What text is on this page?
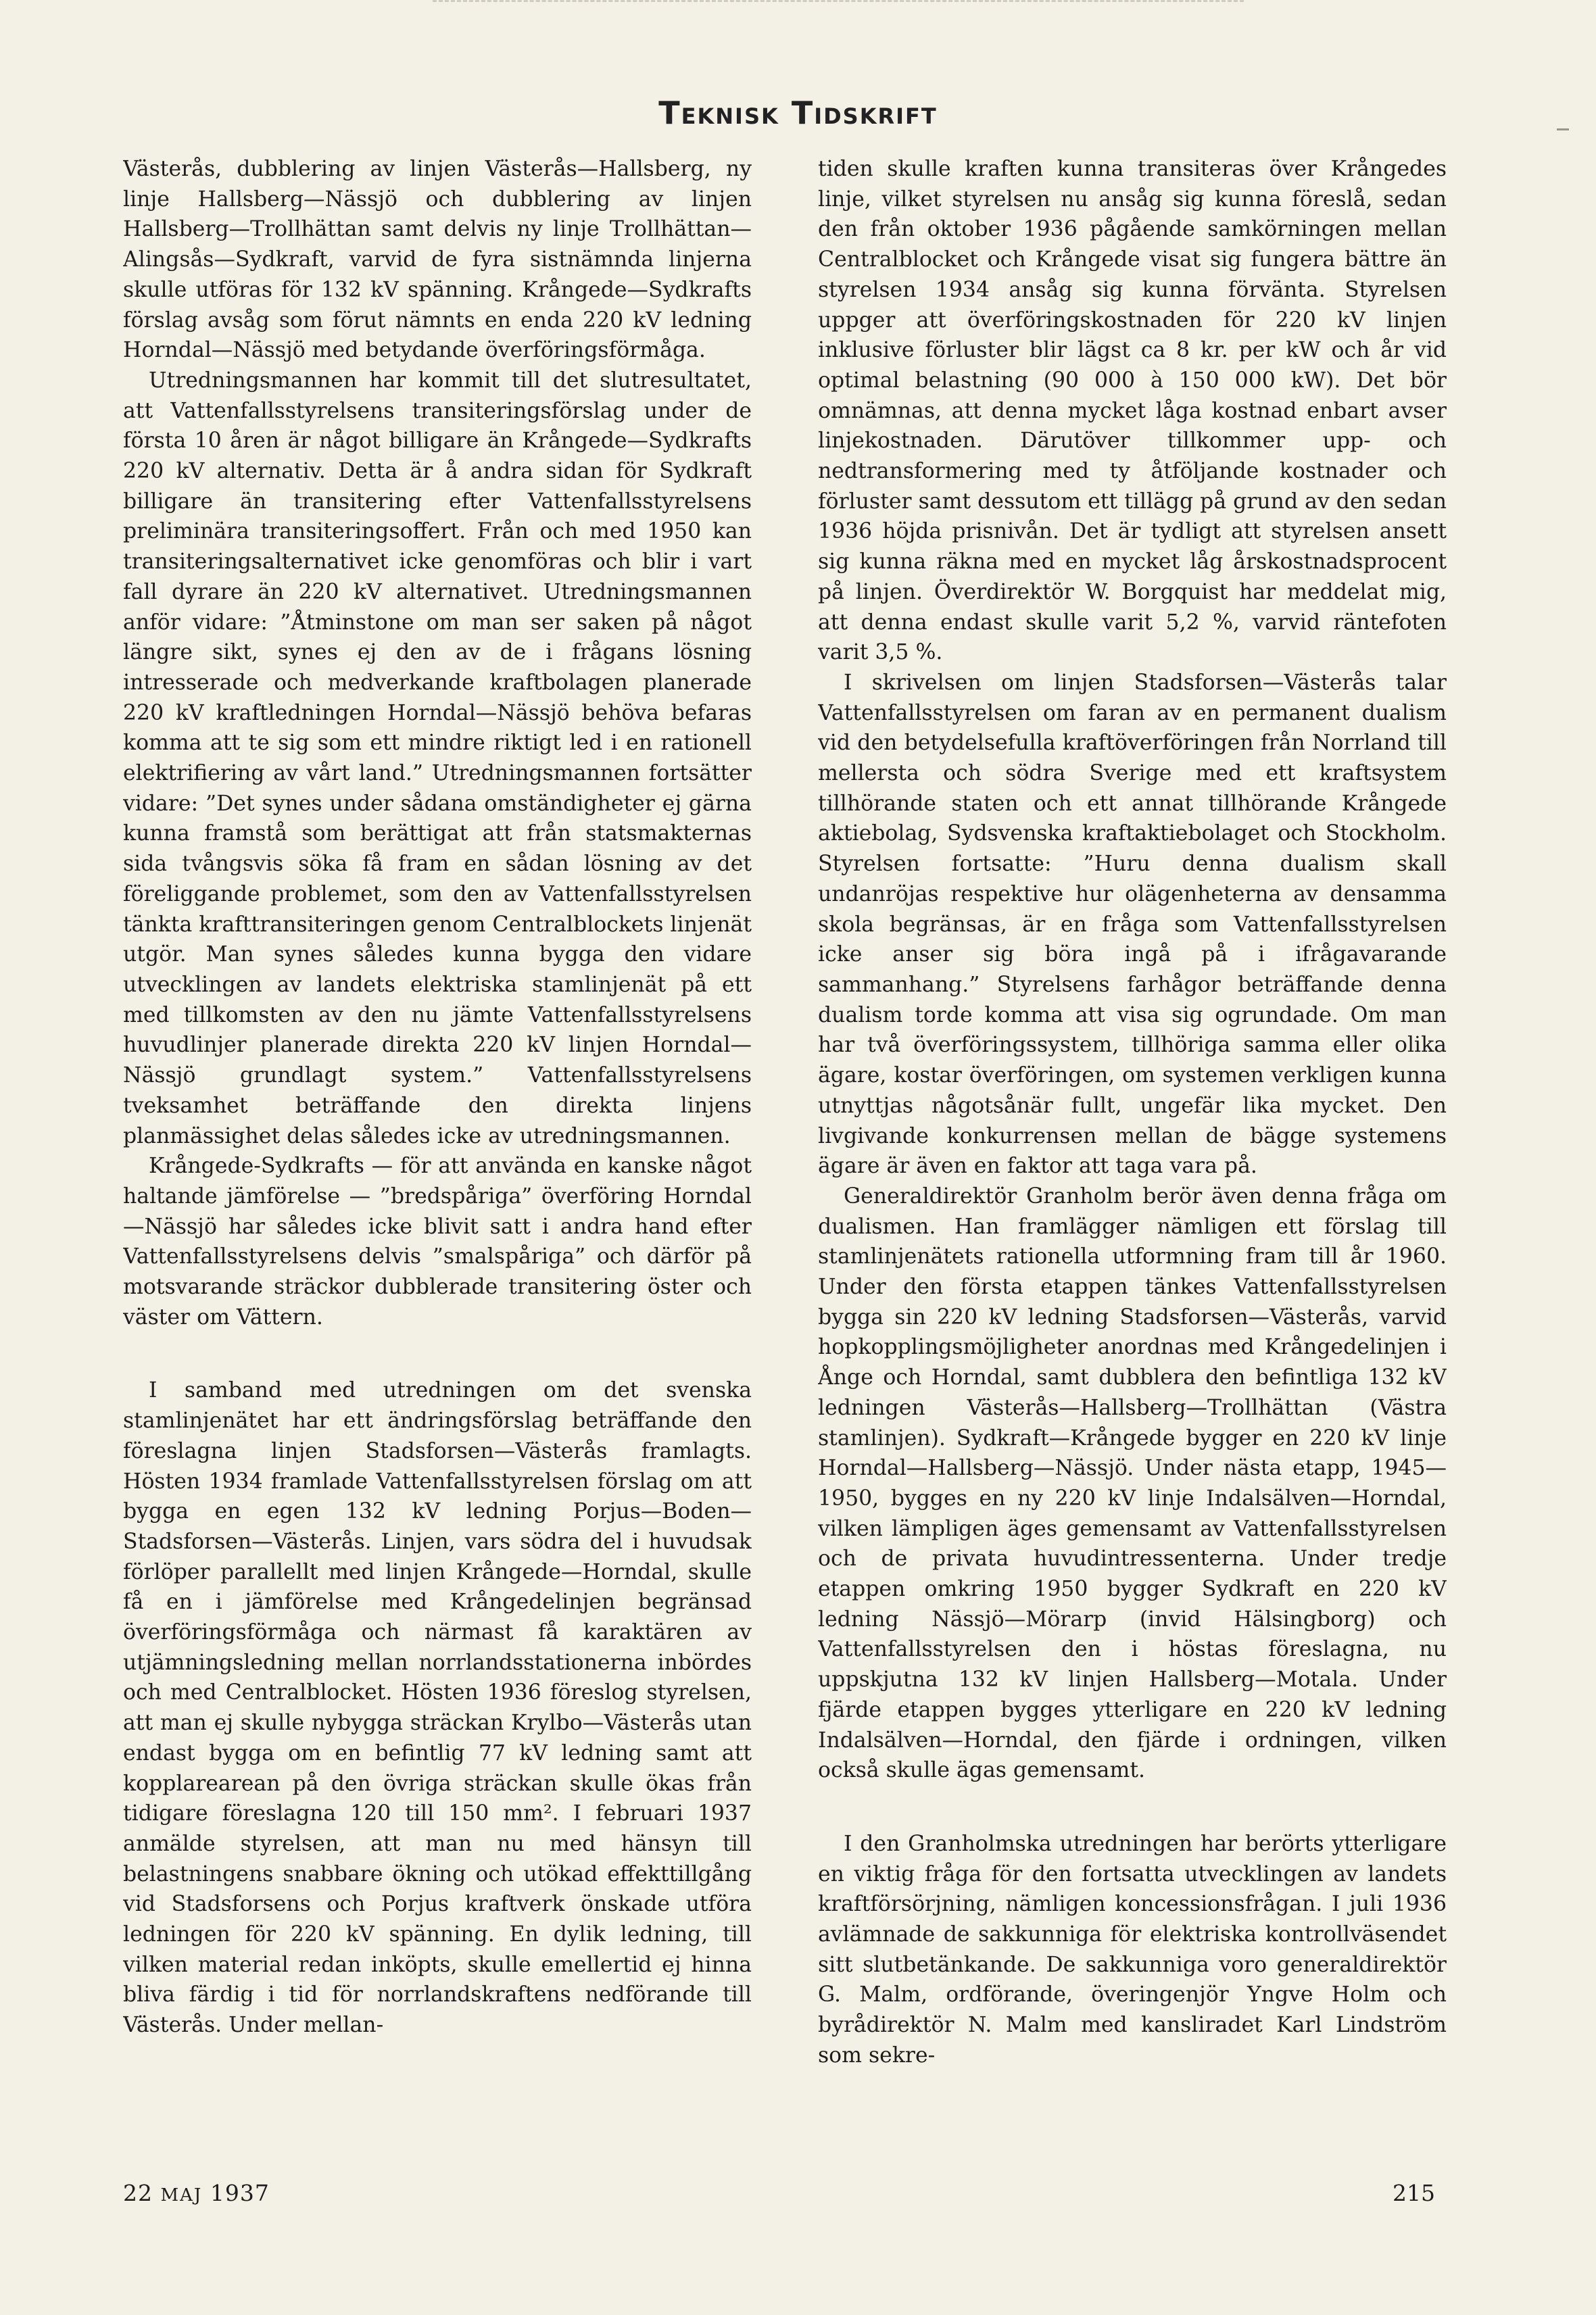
Teknisk Tidskrift

Västerås, dubblering av linjen Västerås—Hallsberg, ny linje Hallsberg—Nässjö och dubblering av linjen Hallsberg—Trollhättan samt delvis ny linje Trollhättan—Alingsås—Sydkraft, varvid de fyra sistnämnda linjerna skulle utföras för 132 kV spänning. Krångede—Sydkrafts förslag avsåg som förut nämnts en enda 220 kV ledning Horndal—Nässjö med betydande överföringsförmåga.

Utredningsmannen har kommit till det slutresultatet, att Vattenfallsstyrelsens transiteringsförslag under de första 10 åren är något billigare än Krångede—Sydkrafts 220 kV alternativ. Detta är å andra sidan för Sydkraft billigare än transitering efter Vattenfallsstyrelsens preliminära transiteringsoffert. Från och med 1950 kan transiteringsalternativet icke genomföras och blir i vart fall dyrare än 220 kV alternativet. Utredningsmannen anför vidare: ”Åtminstone om man ser saken på något längre sikt, synes ej den av de i frågans lösning intresserade och medverkande kraftbolagen planerade 220 kV kraftledningen Horndal—Nässjö behöva befaras komma att te sig som ett mindre riktigt led i en rationell elektrifiering av vårt land.” Utredningsmannen fortsätter vidare: ”Det synes under sådana omständigheter ej gärna kunna framstå som berättigat att från statsmakternas sida tvångsvis söka få fram en sådan lösning av det föreliggande problemet, som den av Vattenfallsstyrelsen tänkta krafttransiteringen genom Centralblockets linjenät utgör. Man synes således kunna bygga den vidare utvecklingen av landets elektriska stamlinjenät på ett med tillkomsten av den nu jämte Vattenfallsstyrelsens huvudlinjer planerade direkta 220 kV linjen Horndal—Nässjö grundlagt system.” Vattenfallsstyrelsens tveksamhet beträffande den direkta linjens planmässighet delas således icke av utredningsmannen.

Krångede-Sydkrafts — för att använda en kanske något haltande jämförelse — ”bredspåriga” överföring Horndal—Nässjö har således icke blivit satt i andra hand efter Vattenfallsstyrelsens delvis ”smalspåriga” och därför på motsvarande sträckor dubblerade transitering öster och väster om Vättern.

I samband med utredningen om det svenska stamlinjenätet har ett ändringsförslag beträffande den föreslagna linjen Stadsforsen—Västerås framlagts. Hösten 1934 framlade Vattenfallsstyrelsen förslag om att bygga en egen 132 kV ledning Porjus—Boden—Stadsforsen—Västerås. Linjen, vars södra del i huvudsak förlöper parallellt med linjen Krångede—Horndal, skulle få en i jämförelse med Krångedelinjen begränsad överföringsförmåga och närmast få karaktären av utjämningsledning mellan norrlandsstationerna inbördes och med Centralblocket. Hösten 1936 föreslog styrelsen, att man ej skulle nybygga sträckan Krylbo—Västerås utan endast bygga om en befintlig 77 kV ledning samt att kopplarearean på den övriga sträckan skulle ökas från tidigare föreslagna 120 till 150 mm². I februari 1937 anmälde styrelsen, att man nu med hänsyn till belastningens snabbare ökning och utökad effekttillgång vid Stadsforsens och Porjus kraftverk önskade utföra ledningen för 220 kV spänning. En dylik ledning, till vilken material redan inköpts, skulle emellertid ej hinna bliva färdig i tid för norrlandskraftens nedförande till Västerås. Under mellan-

tiden skulle kraften kunna transiteras över Krångedes linje, vilket styrelsen nu ansåg sig kunna föreslå, sedan den från oktober 1936 pågående samkörningen mellan Centralblocket och Krångede visat sig fungera bättre än styrelsen 1934 ansåg sig kunna förvänta. Styrelsen uppger att överföringskostnaden för 220 kV linjen inklusive förluster blir lägst ca 8 kr. per kW och år vid optimal belastning (90 000 à 150 000 kW). Det bör omnämnas, att denna mycket låga kostnad enbart avser linjekostnaden. Därutöver tillkommer upp- och nedtransformering med ty åtföljande kostnader och förluster samt dessutom ett tillägg på grund av den sedan 1936 höjda prisnivån. Det är tydligt att styrelsen ansett sig kunna räkna med en mycket låg årskostnadsprocent på linjen. Överdirektör W. Borgquist har meddelat mig, att denna endast skulle varit 5,2 %, varvid räntefoten varit 3,5 %.

I skrivelsen om linjen Stadsforsen—Västerås talar Vattenfallsstyrelsen om faran av en permanent dualism vid den betydelsefulla kraftöverföringen från Norrland till mellersta och södra Sverige med ett kraftsystem tillhörande staten och ett annat tillhörande Krångede aktiebolag, Sydsvenska kraftaktiebolaget och Stockholm. Styrelsen fortsatte: ”Huru denna dualism skall undanröjas respektive hur olägenheterna av densamma skola begränsas, är en fråga som Vattenfallsstyrelsen icke anser sig böra ingå på i ifrågavarande sammanhang.” Styrelsens farhågor beträffande denna dualism torde komma att visa sig ogrundade. Om man har två överföringssystem, tillhöriga samma eller olika ägare, kostar överföringen, om systemen verkligen kunna utnyttjas någotsånär fullt, ungefär lika mycket. Den livgivande konkurrensen mellan de bägge systemens ägare är även en faktor att taga vara på.

Generaldirektör Granholm berör även denna fråga om dualismen. Han framlägger nämligen ett förslag till stamlinjenätets rationella utformning fram till år 1960. Under den första etappen tänkes Vattenfallsstyrelsen bygga sin 220 kV ledning Stadsforsen—Västerås, varvid hopkopplingsmöjligheter anordnas med Krångedelinjen i Ånge och Horndal, samt dubblera den befintliga 132 kV ledningen Västerås—Hallsberg—Trollhättan (Västra stamlinjen). Sydkraft—Krångede bygger en 220 kV linje Horndal—Hallsberg—Nässjö. Under nästa etapp, 1945—1950, bygges en ny 220 kV linje Indalsälven—Horndal, vilken lämpligen äges gemensamt av Vattenfallsstyrelsen och de privata huvudintressenterna. Under tredje etappen omkring 1950 bygger Sydkraft en 220 kV ledning Nässjö—Mörarp (invid Hälsingborg) och Vattenfallsstyrelsen den i höstas föreslagna, nu uppskjutna 132 kV linjen Hallsberg—Motala. Under fjärde etappen bygges ytterligare en 220 kV ledning Indalsälven—Horndal, den fjärde i ordningen, vilken också skulle ägas gemensamt.

I den Granholmska utredningen har berörts ytterligare en viktig fråga för den fortsatta utvecklingen av landets kraftförsörjning, nämligen koncessionsfrågan. I juli 1936 avlämnade de sakkunniga för elektriska kontrollväsendet sitt slutbetänkande. De sakkunniga voro generaldirektör G. Malm, ordförande, överingenjör Yngve Holm och byrådirektör N. Malm med kansliradet Karl Lindström som sekre-

22 MAJ 1937	215
